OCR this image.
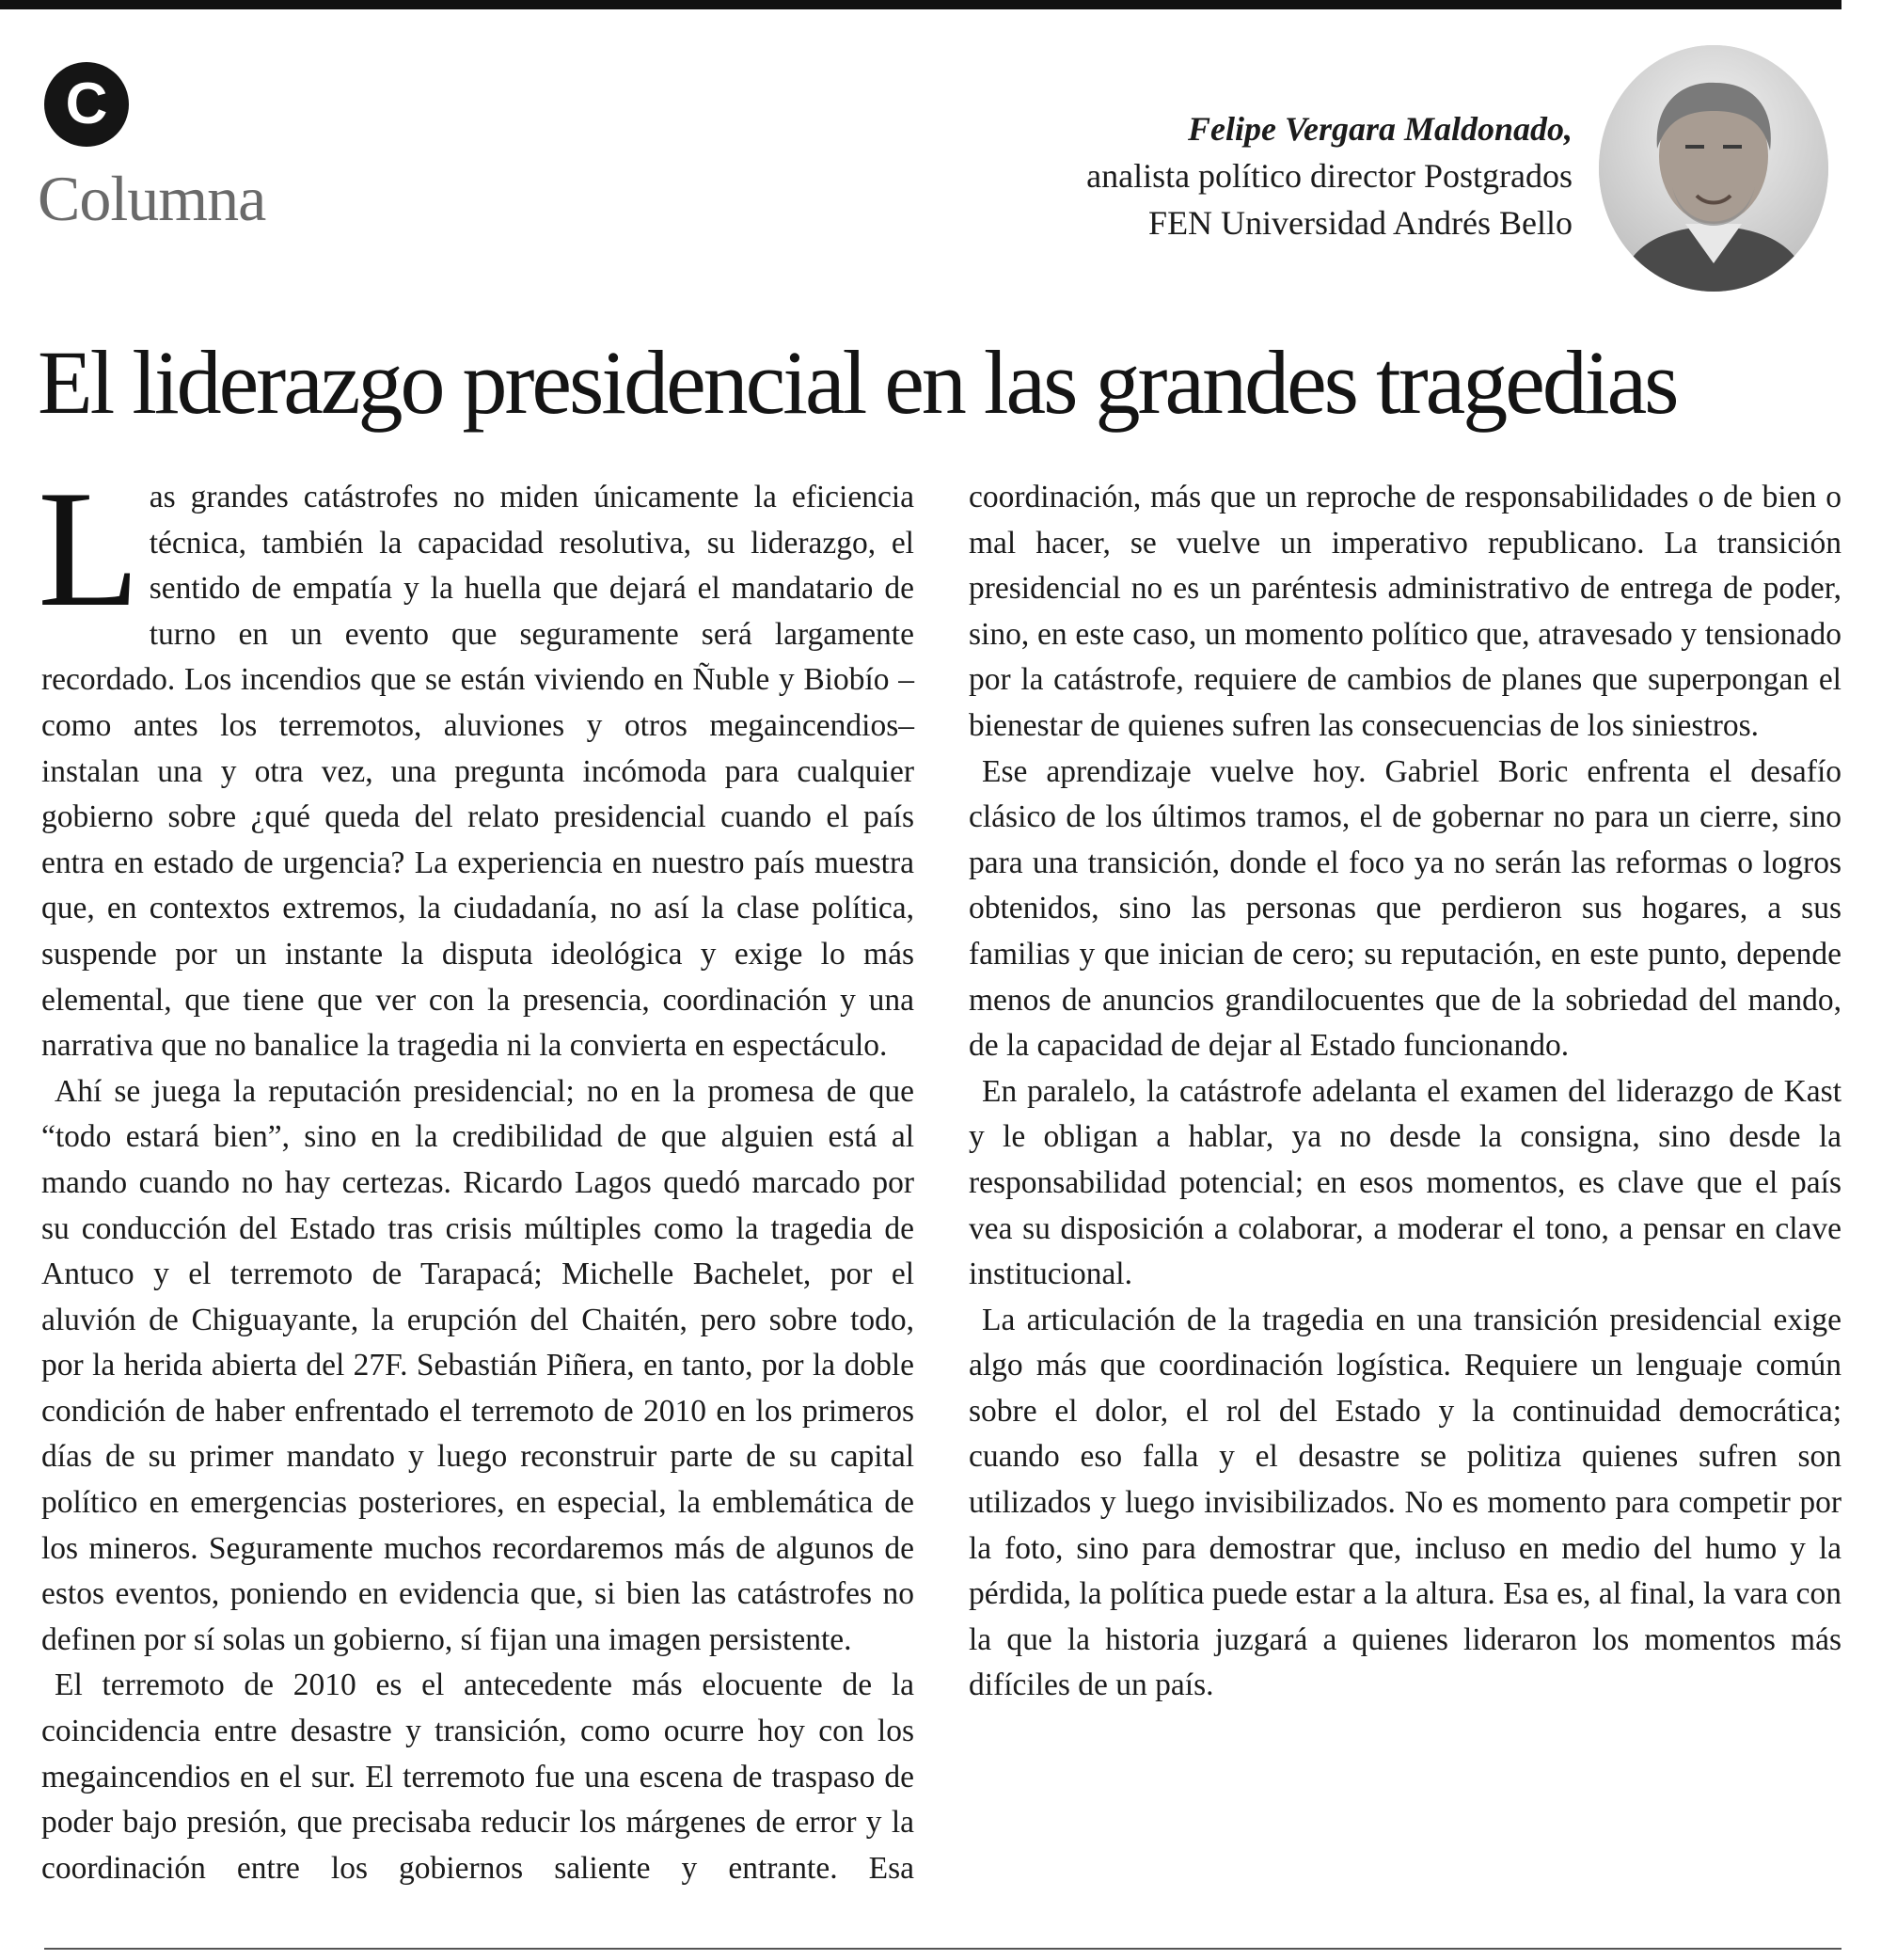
C
Columna
Felipe Vergara Maldonado,
analista político director Postgrados
FEN Universidad Andrés Bello
El liderazgo presidencial en las grandes tragedias

Las grandes catástrofes no miden únicamente la eficiencia técnica, también la capacidad resolutiva, su liderazgo, el sentido de empatía y la huella que dejará el mandatario de turno en un evento que seguramente será largamente recordado. Los incendios que se están viviendo en Ñuble y Biobío –como antes los terremotos, aluviones y otros megaincendios– instalan una y otra vez, una pregunta incómoda para cualquier gobierno sobre ¿qué queda del relato presidencial cuando el país entra en estado de urgencia? La experiencia en nuestro país muestra que, en contextos extremos, la ciudadanía, no así la clase política, suspende por un instante la disputa ideológica y exige lo más elemental, que tiene que ver con la presencia, coordinación y una narrativa que no banalice la tragedia ni la convierta en espectáculo.

Ahí se juega la reputación presidencial; no en la promesa de que “todo estará bien”, sino en la credibilidad de que alguien está al mando cuando no hay certezas. Ricardo Lagos quedó marcado por su conducción del Estado tras crisis múltiples como la tragedia de Antuco y el terremoto de Tarapacá; Michelle Bachelet, por el aluvión de Chiguayante, la erupción del Chaitén, pero sobre todo, por la herida abierta del 27F. Sebastián Piñera, en tanto, por la doble condición de haber enfrentado el terremoto de 2010 en los primeros días de su primer mandato y luego reconstruir parte de su capital político en emergencias posteriores, en especial, la emblemática de los mineros. Seguramente muchos recordaremos más de algunos de estos eventos, poniendo en evidencia que, si bien las catástrofes no definen por sí solas un gobierno, sí fijan una imagen persistente.

El terremoto de 2010 es el antecedente más elocuente de la coincidencia entre desastre y transición, como ocurre hoy con los megaincendios en el sur. El terremoto fue una escena de traspaso de poder bajo presión, que precisaba reducir los márgenes de error y la coordinación entre los gobiernos saliente y entrante. Esa coordinación, más que un reproche de responsabilidades o de bien o mal hacer, se vuelve un imperativo republicano. La transición presidencial no es un paréntesis administrativo de entrega de poder, sino, en este caso, un momento político que, atravesado y tensionado por la catástrofe, requiere de cambios de planes que superpongan el bienestar de quienes sufren las consecuencias de los siniestros.

Ese aprendizaje vuelve hoy. Gabriel Boric enfrenta el desafío clásico de los últimos tramos, el de gobernar no para un cierre, sino para una transición, donde el foco ya no serán las reformas o logros obtenidos, sino las personas que perdieron sus hogares, a sus familias y que inician de cero; su reputación, en este punto, depende menos de anuncios grandilocuentes que de la sobriedad del mando, de la capacidad de dejar al Estado funcionando.

En paralelo, la catástrofe adelanta el examen del liderazgo de Kast y le obligan a hablar, ya no desde la consigna, sino desde la responsabilidad potencial; en esos momentos, es clave que el país vea su disposición a colaborar, a moderar el tono, a pensar en clave institucional.

La articulación de la tragedia en una transición presidencial exige algo más que coordinación logística. Requiere un lenguaje común sobre el dolor, el rol del Estado y la continuidad democrática; cuando eso falla y el desastre se politiza quienes sufren son utilizados y luego invisibilizados. No es momento para competir por la foto, sino para demostrar que, incluso en medio del humo y la pérdida, la política puede estar a la altura. Esa es, al final, la vara con la que la historia juzgará a quienes lideraron los momentos más difíciles de un país.
